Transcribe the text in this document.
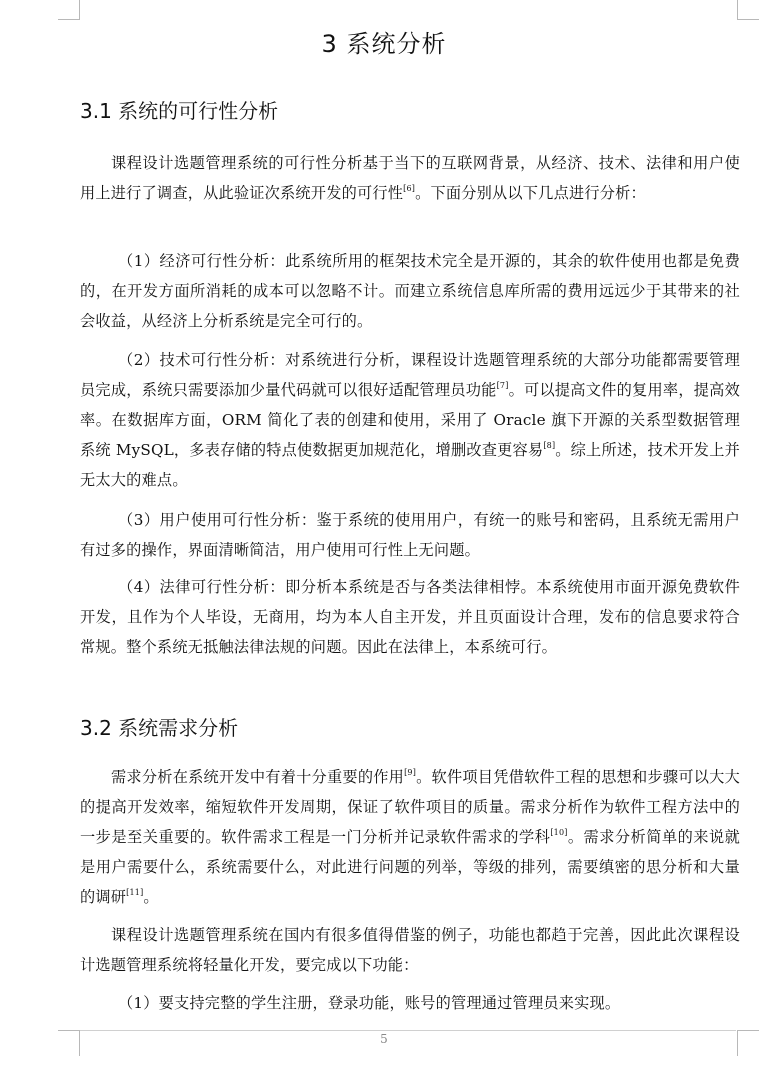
3 系统分析
3.1 系统的可行性分析

课程设计选题管理系统的可行性分析基于当下的互联网背景，从经济、技术、法律和用户使用上进行了调查，从此验证次系统开发的可行性[6]。下面分别从以下几点进行分析：

（1）经济可行性分析：此系统所用的框架技术完全是开源的，其余的软件使用也都是免费的，在开发方面所消耗的成本可以忽略不计。而建立系统信息库所需的费用远远少于其带来的社会收益，从经济上分析系统是完全可行的。

（2）技术可行性分析：对系统进行分析，课程设计选题管理系统的大部分功能都需要管理员完成，系统只需要添加少量代码就可以很好适配管理员功能[7]。可以提高文件的复用率，提高效率。在数据库方面，ORM 简化了表的创建和使用，采用了 Oracle 旗下开源的关系型数据管理系统 MySQL，多表存储的特点使数据更加规范化，增删改查更容易[8]。综上所述，技术开发上并无太大的难点。

（3）用户使用可行性分析：鉴于系统的使用用户，有统一的账号和密码，且系统无需用户有过多的操作，界面清晰简洁，用户使用可行性上无问题。

（4）法律可行性分析：即分析本系统是否与各类法律相悖。本系统使用市面开源免费软件开发，且作为个人毕设，无商用，均为本人自主开发，并且页面设计合理，发布的信息要求符合常规。整个系统无抵触法律法规的问题。因此在法律上，本系统可行。

3.2 系统需求分析

需求分析在系统开发中有着十分重要的作用[9]。软件项目凭借软件工程的思想和步骤可以大大的提高开发效率，缩短软件开发周期，保证了软件项目的质量。需求分析作为软件工程方法中的一步是至关重要的。软件需求工程是一门分析并记录软件需求的学科[10]。需求分析简单的来说就是用户需要什么，系统需要什么，对此进行问题的列举，等级的排列，需要缜密的思分析和大量的调研[11]。

课程设计选题管理系统在国内有很多值得借鉴的例子，功能也都趋于完善，因此此次课程设计选题管理系统将轻量化开发，要完成以下功能：

（1）要支持完整的学生注册，登录功能，账号的管理通过管理员来实现。

5
